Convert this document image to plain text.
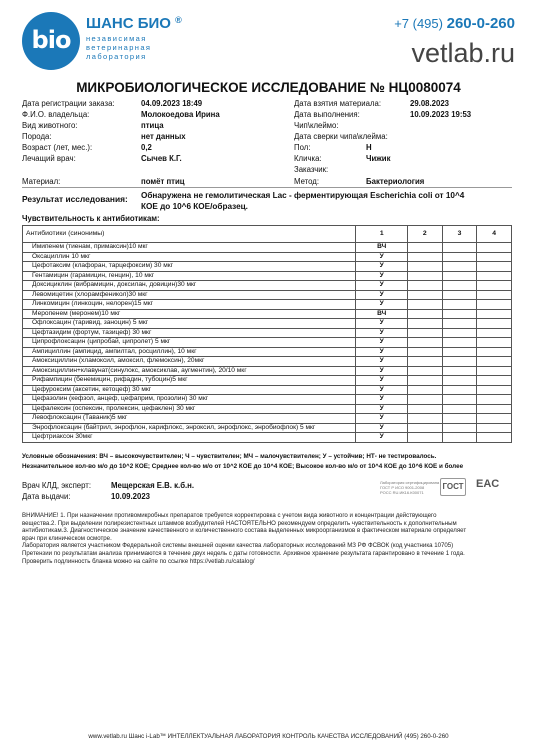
bio
ШАНС БИО ®
независимая
ветеринарная
лаборатория
+7 (495) 260-0-260
vetlab.ru
МИКРОБИОЛОГИЧЕСКОЕ ИССЛЕДОВАНИЕ № НЦ0080074
Дата регистрации заказа:	04.09.2023 18:49
Ф.И.О. владельца:	Молокоедова Ирина
Вид животного:	птица
Порода:	нет данных
Возраст (лет, мес.):	0,2
Лечащий врач:	Сычев К.Г.
Дата взятия материала:	29.08.2023
Дата выполнения:	10.09.2023 19:53
Чип\клеймо:
Дата сверки чипа\клейма:
Пол:	Н
Кличка:	Чижик
Заказчик:
Материал:	помёт птиц	Метод:	Бактериология
Результат исследования: Обнаружена не гемолитическая Lac - ферментирующая Escherichia coli от 10^4
КОЕ до 10^6 КОЕ/образец.
Чувствительность к антибиотикам:
Антибиотики (синонимы)	1	2	3	4
Имипенем (тиенам, примаксин)10 мкг	ВЧ			
Оксациллин 10 мкг	У			
Цефотаксим (клафоран, тарцефоксим) 30 мкг	У			
Гентамицин (гарамицин, генцин), 10 мкг	У			
Доксициклин (вибрамицин, доксилан, довицин)30 мкг	У			
Левомицетин (хлорамфеникол)30 мкг	У			
Линкомицин (линкоцин, нелорен)15 мкг	У			
Меропенем (меронем)10 мкг	ВЧ			
Офлоксацин (таривид, заноцин) 5 мкг	У			
Цефтазидим (фортум, тазицеф) 30 мкг	У			
Ципрофлоксацин (ципробай, ципролет) 5 мкг	У			
Ампициллин (ампицид, ампилтал, росциллин), 10 мкг	У			
Амоксициллин (хламоксил, амоксил, флемоксин), 20мкг	У			
Амоксициллин+клавунат(синулокс, амоксиклав, аугментин), 20/10 мкг	У			
Рифампицин (бенемицин, рифадин, тубоцин)5 мкг	У			
Цефуроксим (аксетин, кетоцеф) 30 мкг	У			
Цефазолин (кефзол, анцеф, цефаприм, прозолин) 30 мкг	У			
Цефалексин (оспексин, пролексин, цефаклен) 30 мкг	У			
Левофлоксацин (Таваник)5 мкг	У			
Энрофлоксацин (байтрил, энрофлон, карифлокс, энроксил, энрофлокс, энробиофлок) 5 мкг	У			
Цефтриаксон 30мкг	У			
Условные обозначения: ВЧ – высокочувствителен; Ч – чувствителен; МЧ – малочувствителен; У – устойчив; НТ- не тестировалось.
Незначительное кол-во м/о до 10^2 КОЕ; Среднее кол-во м/о от 10^2 КОЕ до 10^4 КОЕ; Высокое кол-во м/о от 10^4 КОЕ до 10^6 КОЕ и более
Врач КЛД, эксперт:	Мещерская Е.В. к.б.н.
Дата выдачи:	10.09.2023
Лаборатория сертифицирована
ГОСТ Р ИСО 9001-2008
РОСС RU.ИК16.К00071
ГОСТ EAC
ВНИМАНИЕ! 1. При назначении противомикробных препаратов требуется корректировка с учетом вида животного и концентрации действующего
вещества.2. При выделении полирезистентных штаммов возбудителей НАСТОЯТЕЛЬНО рекомендуем определить чувствительность к дополнительным
антибиотикам.3. Диагностическое значение качественного и количественного состава выделенных микроорганизмов в фактическом материале определяет
врач при клиническом осмотре.
Лаборатория является участником Федеральной системы внешней оценки качества лабораторных исследований МЗ РФ ФСВОК (код участника 10705)
Претензии по результатам анализа принимаются в течение двух недель с даты готовности. Архивное хранение результата гарантировано в течение 1 года.
Проверить подлинность бланка можно на сайте по ссылке https://vetlab.ru/catalog/
www.vetlab.ru Шанс i-Lab™ ИНТЕЛЛЕКТУАЛЬНАЯ ЛАБОРАТОРИЯ КОНТРОЛЬ КАЧЕСТВА ИССЛЕДОВАНИЙ (495) 260-0-260
